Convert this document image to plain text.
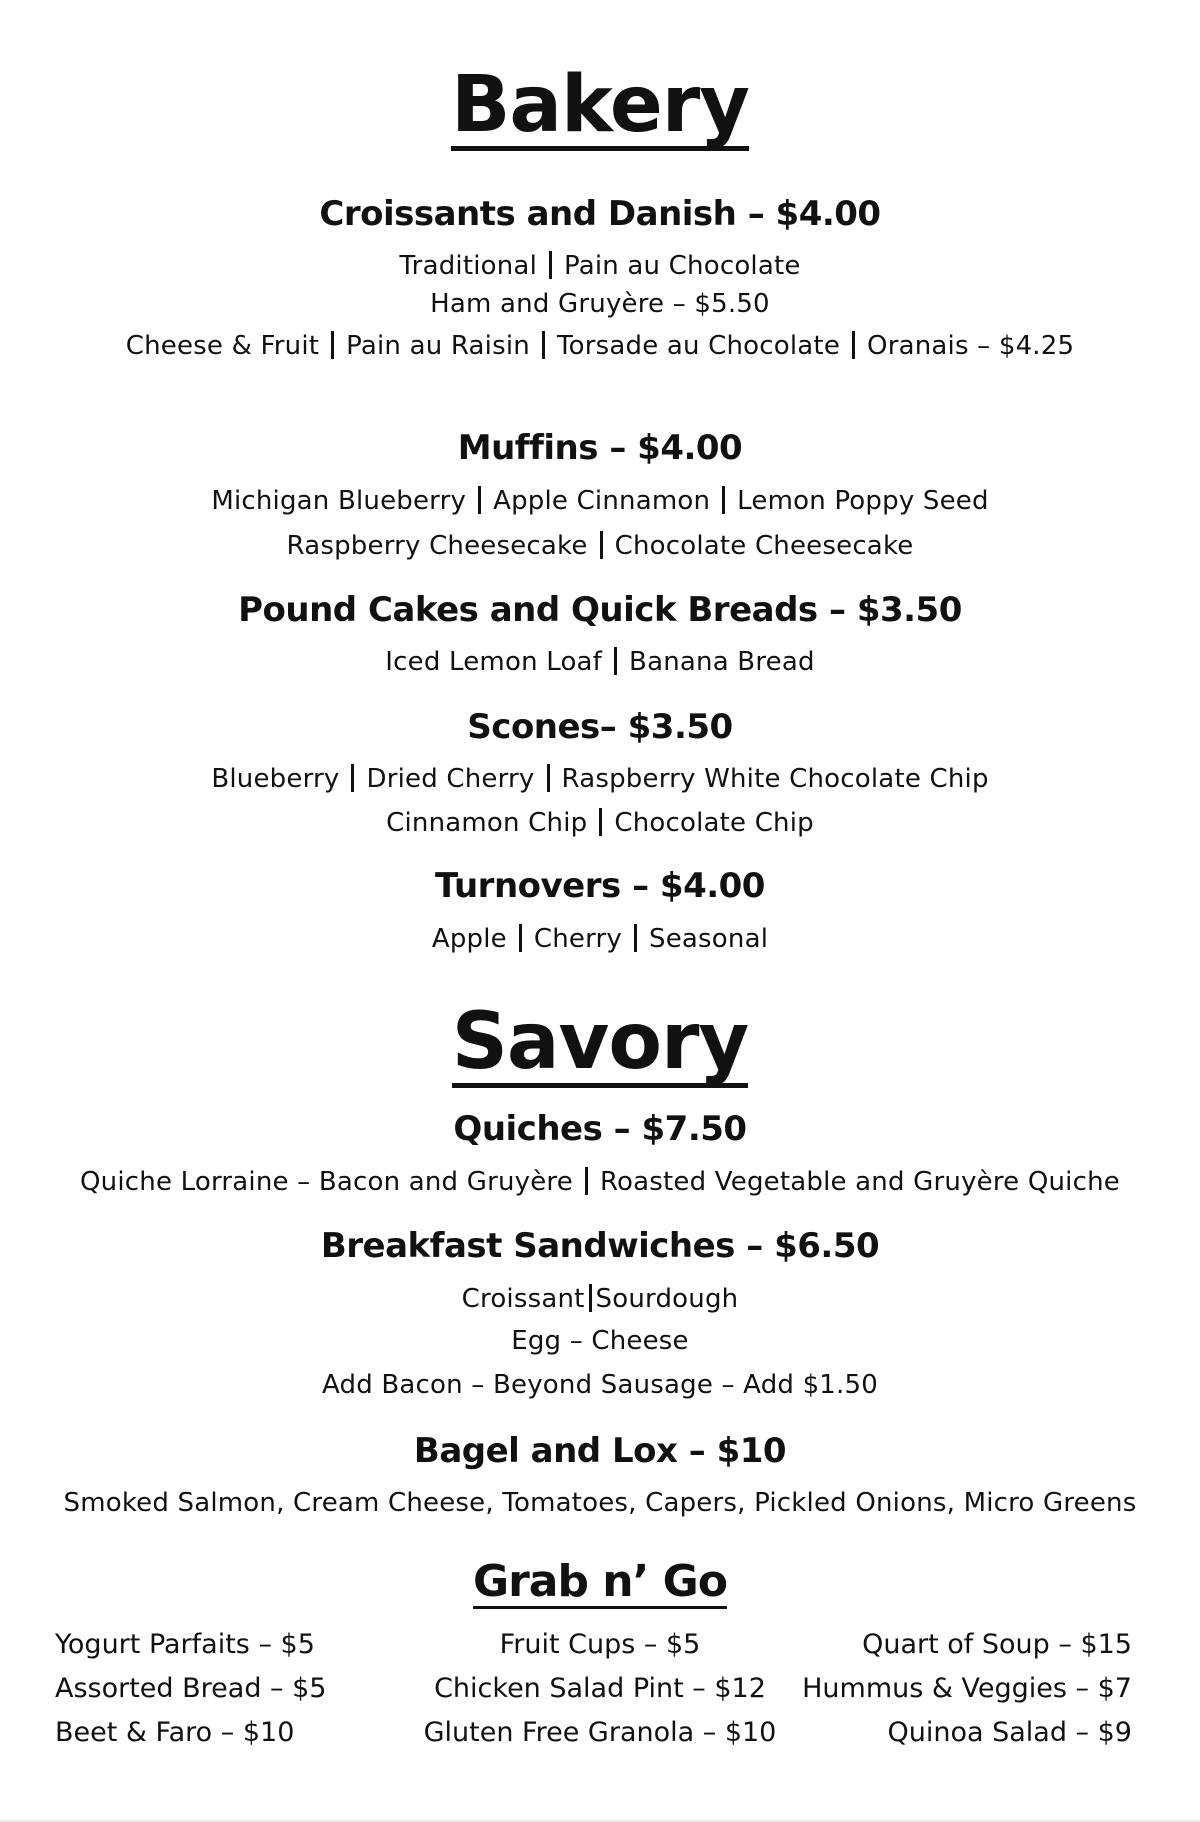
Bakery
Croissants and Danish – $4.00
Traditional Pain au Chocolate
Ham and Gruyère – $5.50
Cheese & Fruit Pain au Raisin Torsade au Chocolate Oranais – $4.25
Muffins – $4.00
Michigan Blueberry Apple Cinnamon Lemon Poppy Seed
Raspberry Cheesecake Chocolate Cheesecake
Pound Cakes and Quick Breads – $3.50
Iced Lemon Loaf Banana Bread
Scones– $3.50
Blueberry Dried Cherry Raspberry White Chocolate Chip
Cinnamon Chip Chocolate Chip
Turnovers – $4.00
Apple Cherry Seasonal
Savory
Quiches – $7.50
Quiche Lorraine – Bacon and Gruyère Roasted Vegetable and Gruyère Quiche
Breakfast Sandwiches – $6.50
Croissant Sourdough
Egg – Cheese
Add Bacon – Beyond Sausage – Add $1.50
Bagel and Lox – $10
Smoked Salmon, Cream Cheese, Tomatoes, Capers, Pickled Onions, Micro Greens
Grab n’ Go
Yogurt Parfaits – $5
Assorted Bread – $5
Beet & Faro – $10
Fruit Cups – $5
Chicken Salad Pint – $12
Gluten Free Granola – $10
Quart of Soup – $15
Hummus & Veggies – $7
Quinoa Salad – $9
